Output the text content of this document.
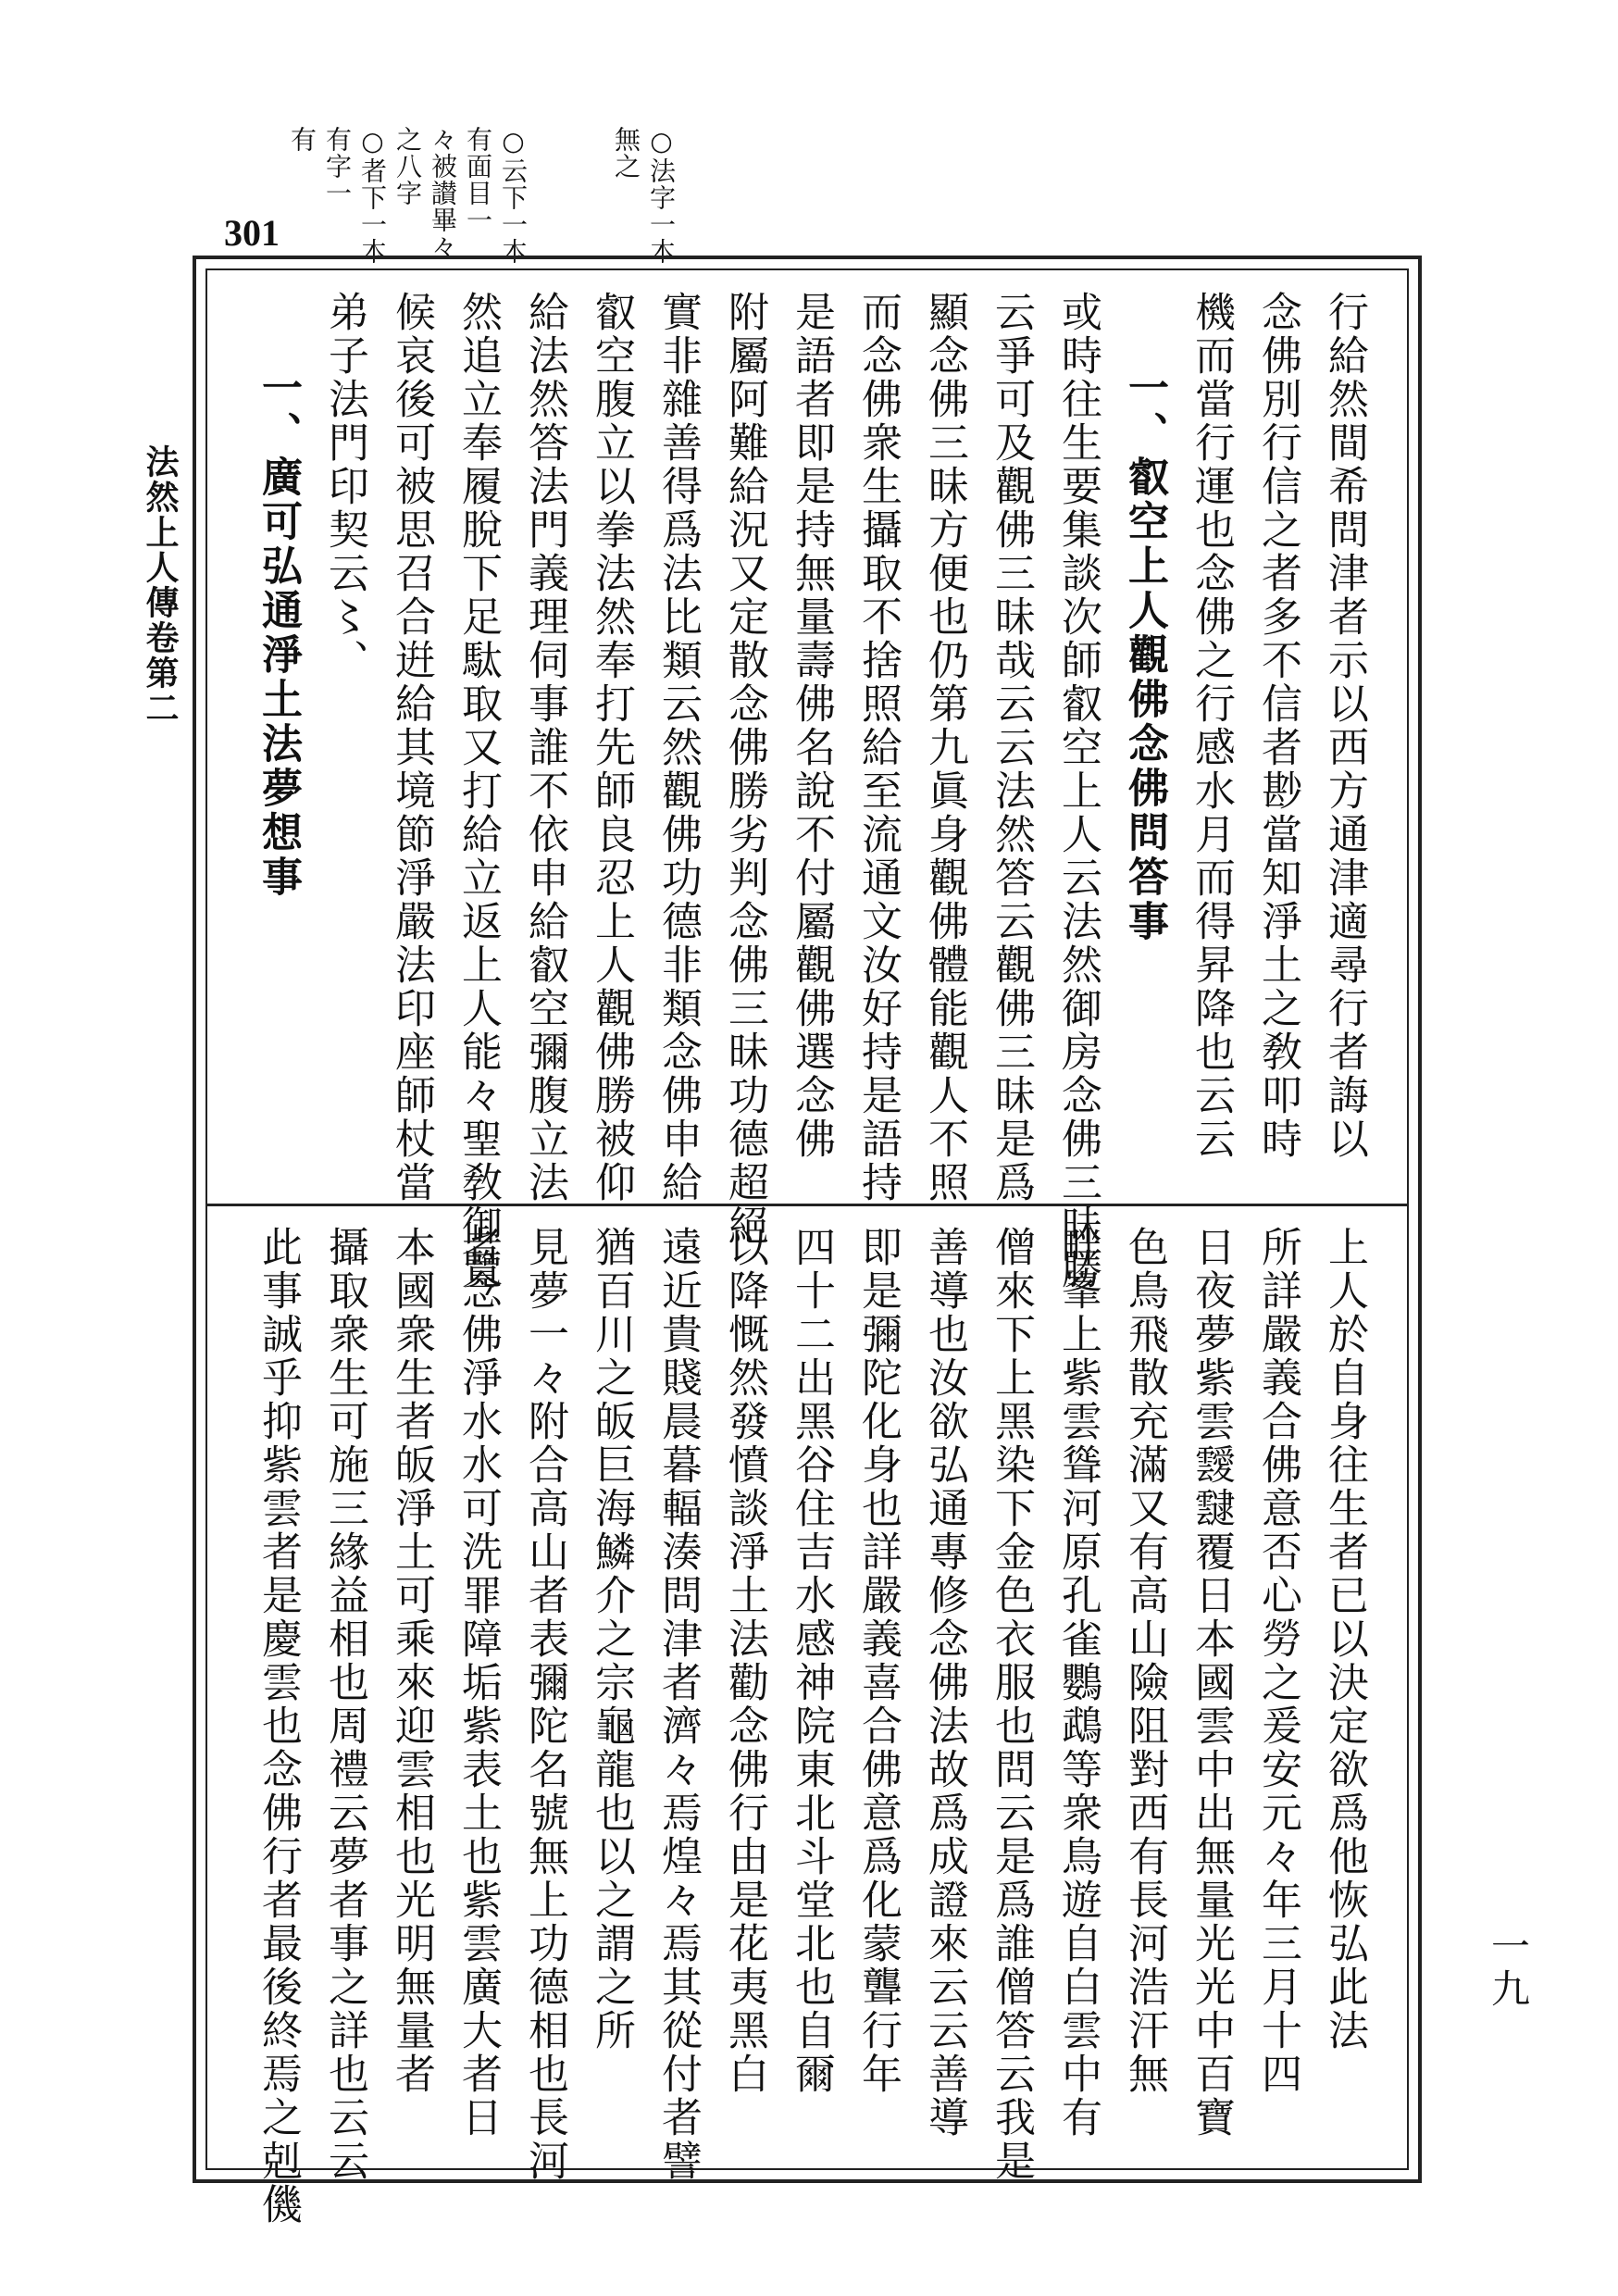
301	○法字一本
無之
○云下一本
有面目一
々被讃畢々
之八字
○者下一本
有字一
有
法然上人傳卷第二
一九
行給然間希問津者示以西方通津適尋行者誨以
念佛別行信之者多不信者尠當知淨土之敎叩時
機而當行運也念佛之行感水月而得昇降也云云
一、叡空上人觀佛念佛問答事
或時往生要集談次師叡空上人云法然御房念佛三昧勝
云爭可及觀佛三昧哉云云法然答云觀佛三昧是爲
顯念佛三昧方便也仍第九眞身觀佛體能觀人不照
而念佛衆生攝取不捨照給至流通文汝好持是語持
是語者即是持無量壽佛名說不付屬觀佛選念佛
附屬阿難給況又定散念佛勝劣判念佛三昧功德超絕
實非雜善得爲法比類云然觀佛功德非類念佛申給
叡空腹立以拳法然奉打先師良忍上人觀佛勝被仰
給法然答法門義理伺事誰不依申給叡空彌腹立法
然追立奉履脫下足駄取又打給立返上人能々聖敎御覽
候哀後可被思召合逬給其境節淨嚴法印座師杖當
弟子法門印契云〻、
一、廣可弘通淨土法夢想事
上人於自身往生者已以決定欲爲他恢弘此法
所詳嚴義合佛意否心勞之爰安元々年三月十四
日夜夢紫雲靉靆覆日本國雲中出無量光光中百寶
色鳥飛散充滿又有高山險阻對西有長河浩汗無
畔峯上紫雲聳河原孔雀鸚鵡等衆鳥遊自白雲中有
僧來下上黑染下金色衣服也問云是爲誰僧答云我是
善導也汝欲弘通專修念佛法故爲成證來云云善導
即是彌陀化身也詳嚴義喜合佛意爲化蒙聾行年
四十二出黑谷住吉水感神院東北斗堂北也自爾
以降慨然發憤談淨土法勸念佛行由是花夷黑白
遠近貴賤晨暮輻湊問津者濟々焉煌々焉其從付者譬
猶百川之皈巨海鱗介之宗龜龍也以之謂之所
見夢一々附合高山者表彌陀名號無上功德相也長河
者念佛淨水水可洗罪障垢紫表土也紫雲廣大者日
本國衆生者皈淨土可乘來迎雲相也光明無量者
攝取衆生可施三緣益相也周禮云夢者事之詳也云云
此事誠乎抑紫雲者是慶雲也念佛行者最後終焉之剋僟
